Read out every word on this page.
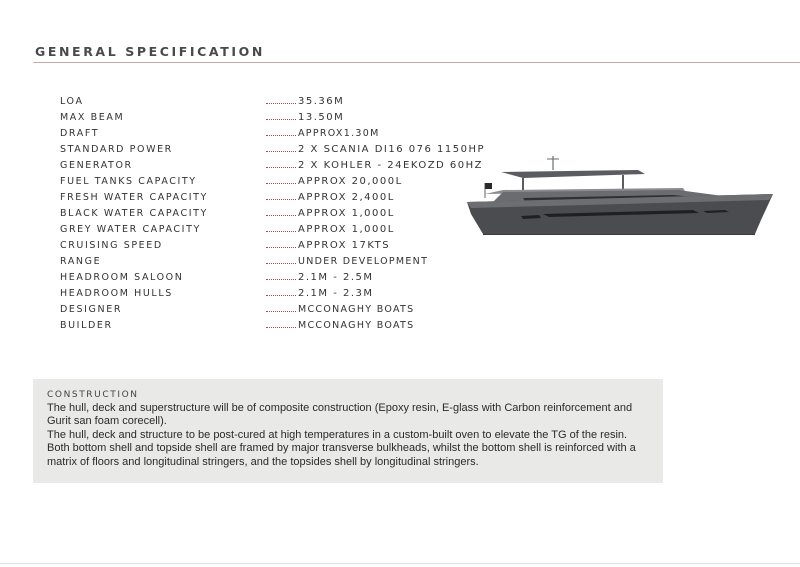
GENERAL SPECIFICATION
LOA	35.36M
MAX BEAM	13.50M
DRAFT	APPROX1.30M
STANDARD POWER	2 X SCANIA DI16 076 1150HP
GENERATOR	2 X KOHLER - 24EKOZD 60HZ
FUEL TANKS CAPACITY	APPROX 20,000L
FRESH WATER CAPACITY	APPROX 2,400L
BLACK WATER CAPACITY	APPROX 1,000L
GREY WATER CAPACITY	APPROX 1,000L
CRUISING SPEED	APPROX 17KTS
RANGE	UNDER DEVELOPMENT
HEADROOM SALOON	2.1M - 2.5M
HEADROOM HULLS	2.1M - 2.3M
DESIGNER	MCCONAGHY BOATS
BUILDER	MCCONAGHY BOATS
CONSTRUCTION

The hull, deck and superstructure will be of composite construction (Epoxy resin, E-glass with Carbon reinforcement and Gurit san foam corecell).

The hull, deck and structure to be post-cured at high temperatures in a custom-built oven to elevate the TG of the resin. Both bottom shell and topside shell are framed by major transverse bulkheads, whilst the bottom shell is reinforced with a matrix of floors and longitudinal stringers, and the topsides shell by longitudinal stringers.
